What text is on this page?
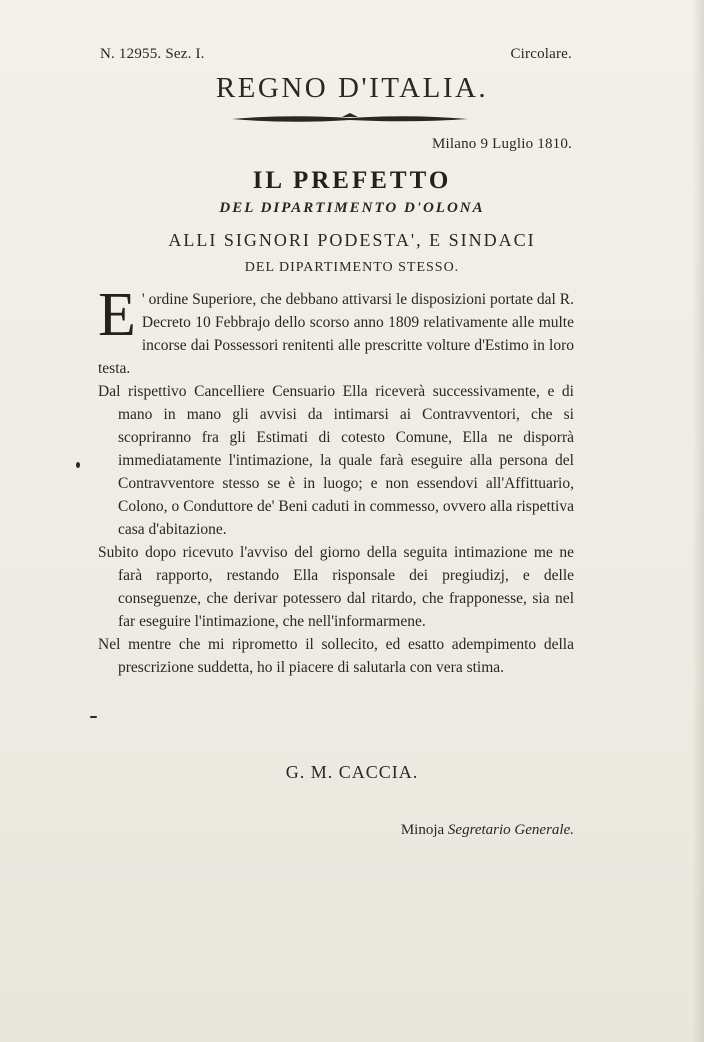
N. 12955. Sez. I.	Circolare.
REGNO D'ITALIA.
Milano 9 Luglio 1810.
IL PREFETTO
DEL DIPARTIMENTO D'OLONA
ALLI SIGNORI PODESTA', E SINDACI
DEL DIPARTIMENTO STESSO.

E ' ordine Superiore, che debbano attivarsi le disposizioni portate dal R. Decreto 10 Febbrajo dello scorso anno 1809 relativamente alle multe incorse dai Possessori renitenti alle prescritte volture d'Estimo in loro testa.

Dal rispettivo Cancelliere Censuario Ella riceverà successivamente, e di mano in mano gli avvisi da intimarsi ai Contravventori, che si scopriranno fra gli Estimati di cotesto Comune, Ella ne disporrà immediatamente l'intimazione, la quale farà eseguire alla persona del Contravventore stesso se è in luogo; e non essendovi all'Affittuario, Colono, o Conduttore de' Beni caduti in commesso, ovvero alla rispettiva casa d'abitazione.

Subito dopo ricevuto l'avviso del giorno della seguita intimazione me ne farà rapporto, restando Ella risponsale dei pregiudizj, e delle conseguenze, che derivar potessero dal ritardo, che frapponesse, sia nel far eseguire l'intimazione, che nell'informarmene.

Nel mentre che mi riprometto il sollecito, ed esatto adempimento della prescrizione suddetta, ho il piacere di salutarla con vera stima.

G. M. CACCIA.
Minoja Segretario Generale.
